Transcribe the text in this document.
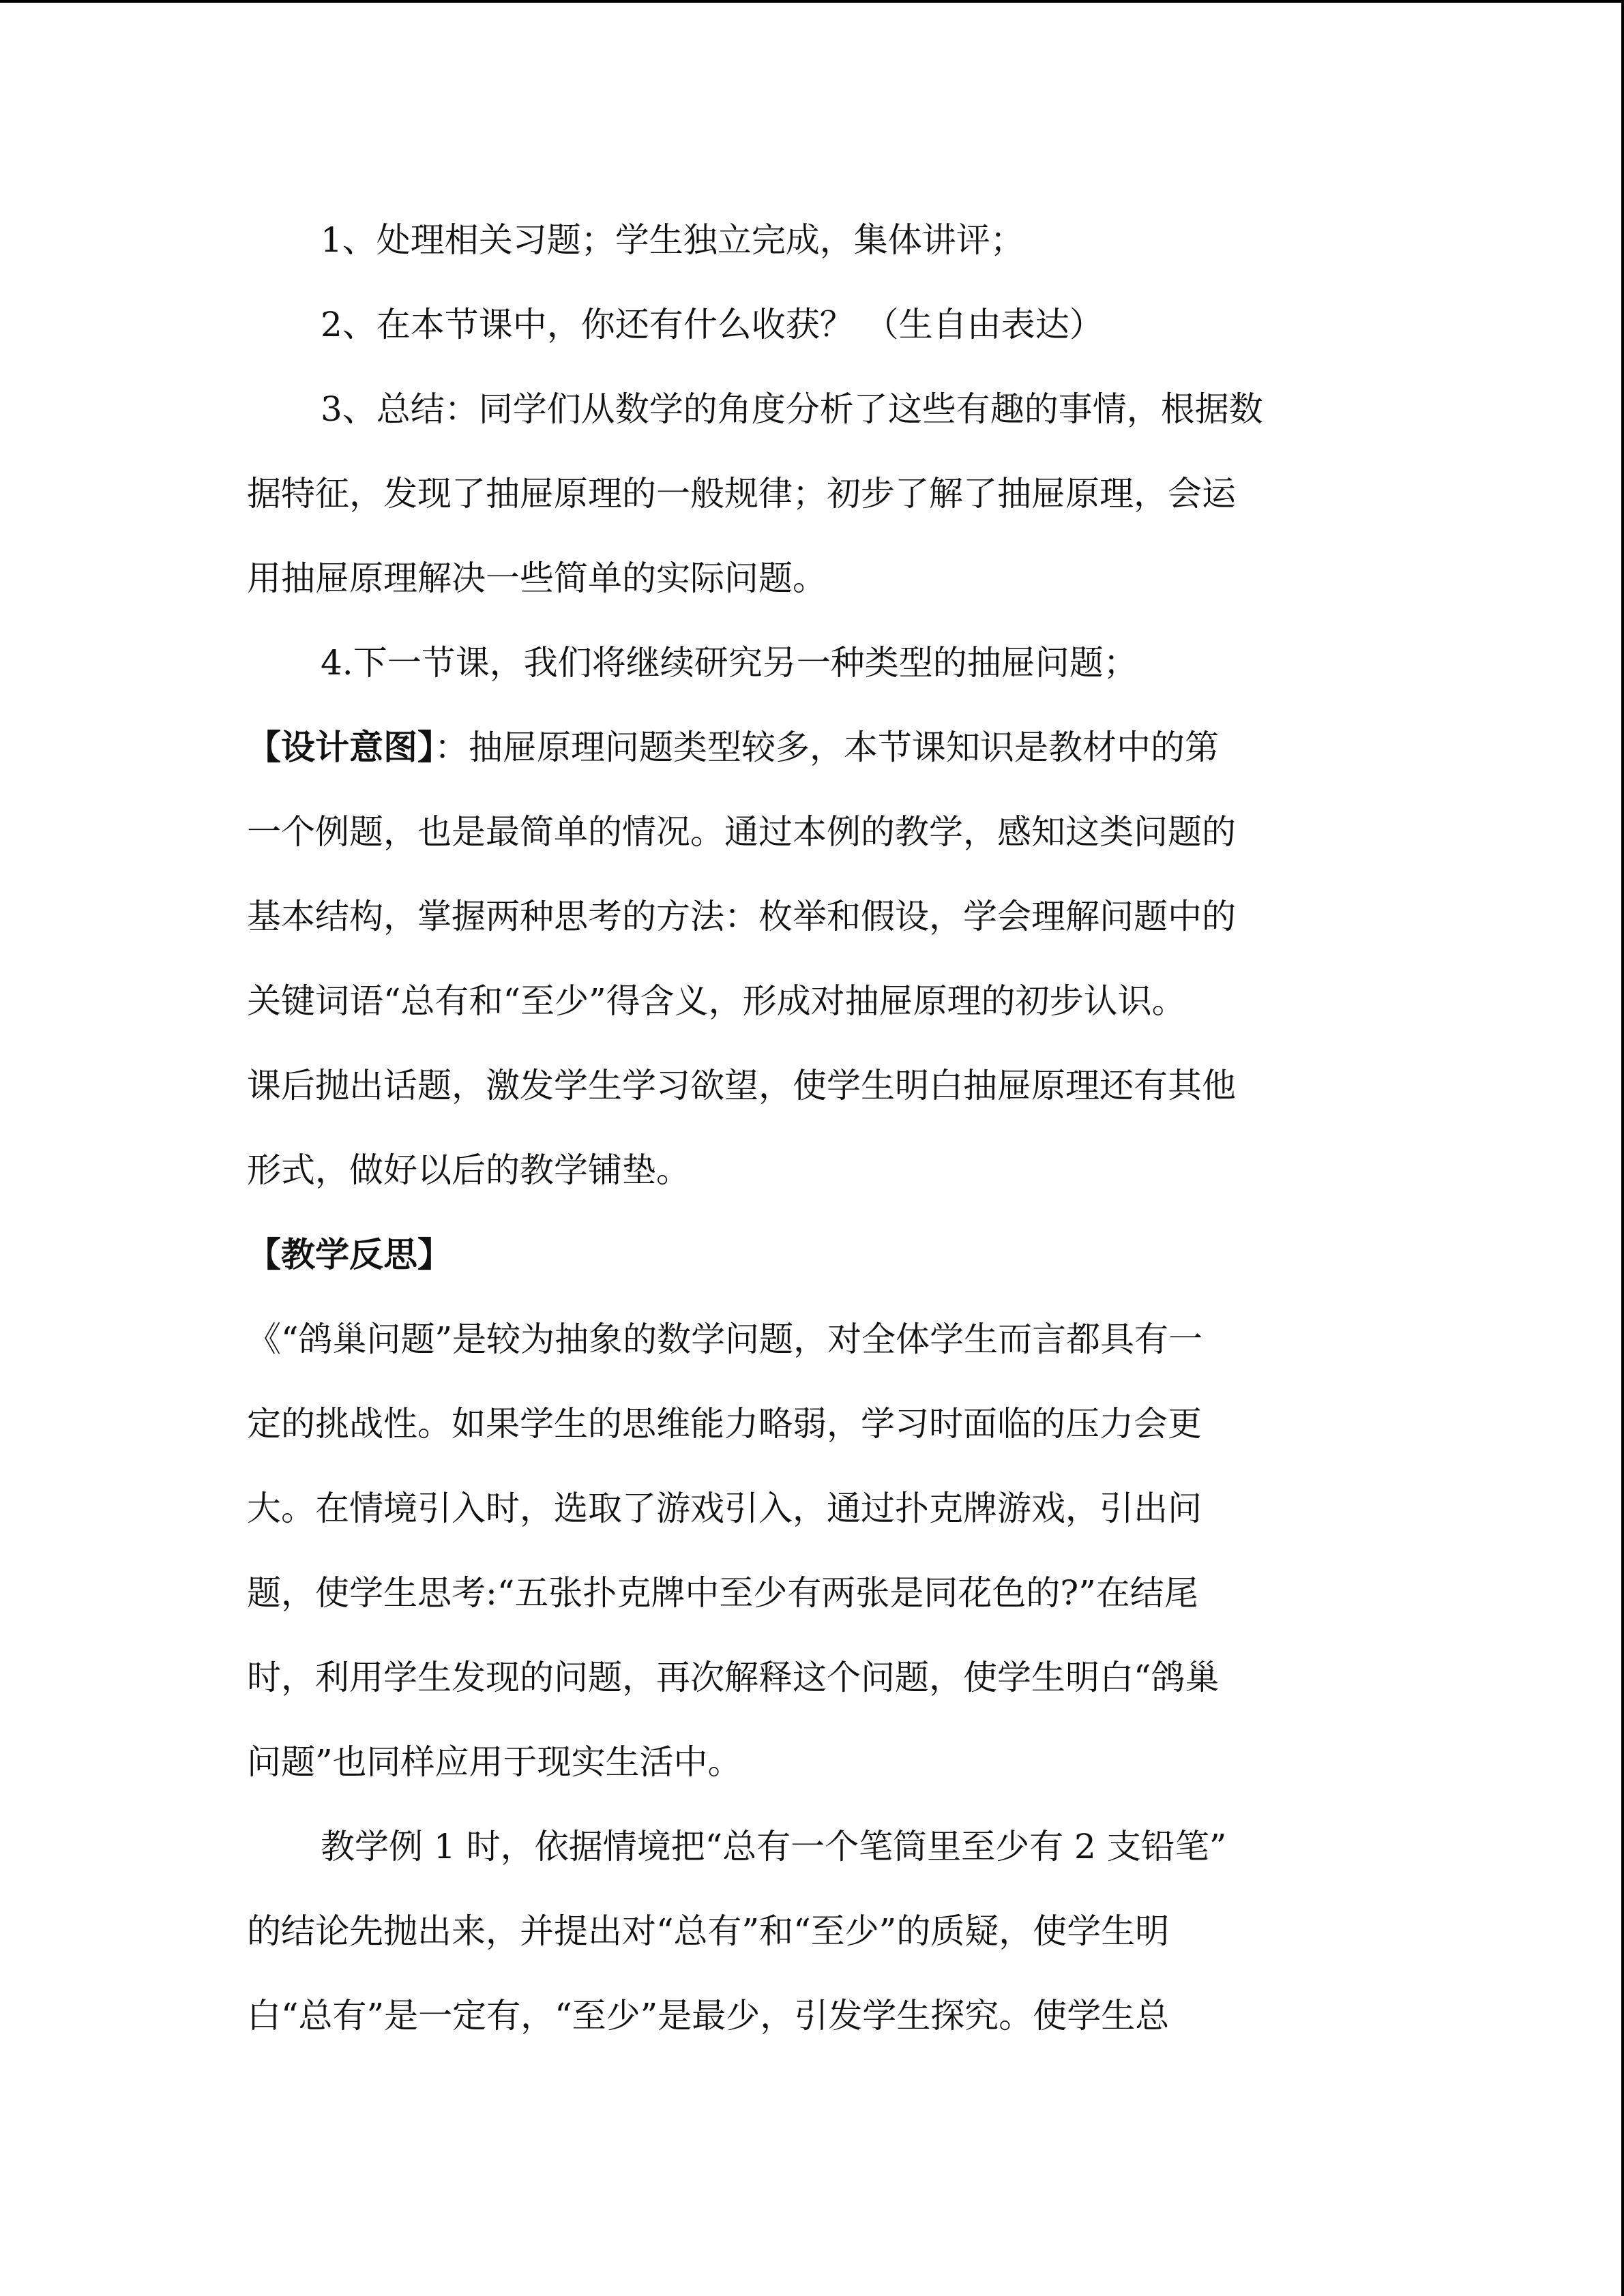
1、处理相关习题；学生独立完成，集体讲评；
2、在本节课中，你还有什么收获？ （生自由表达）
3、总结：同学们从数学的角度分析了这些有趣的事情，根据数
据特征，发现了抽屉原理的一般规律；初步了解了抽屉原理，会运
用抽屉原理解决一些简单的实际问题。
4.下一节课，我们将继续研究另一种类型的抽屉问题；
【设计意图】：抽屉原理问题类型较多，本节课知识是教材中的第
一个例题，也是最简单的情况。通过本例的教学，感知这类问题的
基本结构，掌握两种思考的方法：枚举和假设，学会理解问题中的
关键词语“总有和“至少”得含义，形成对抽屉原理的初步认识。
课后抛出话题，激发学生学习欲望，使学生明白抽屉原理还有其他
形式，做好以后的教学铺垫。
【教学反思】
《“鸽巢问题”是较为抽象的数学问题，对全体学生而言都具有一
定的挑战性。如果学生的思维能力略弱，学习时面临的压力会更
大。在情境引入时，选取了游戏引入，通过扑克牌游戏，引出问
题，使学生思考:“五张扑克牌中至少有两张是同花色的?”在结尾
时，利用学生发现的问题，再次解释这个问题，使学生明白“鸽巢
问题”也同样应用于现实生活中。
教学例 1 时，依据情境把“总有一个笔筒里至少有 2 支铅笔”
的结论先抛出来，并提出对“总有”和“至少”的质疑，使学生明
白“总有”是一定有，“至少”是最少，引发学生探究。使学生总
